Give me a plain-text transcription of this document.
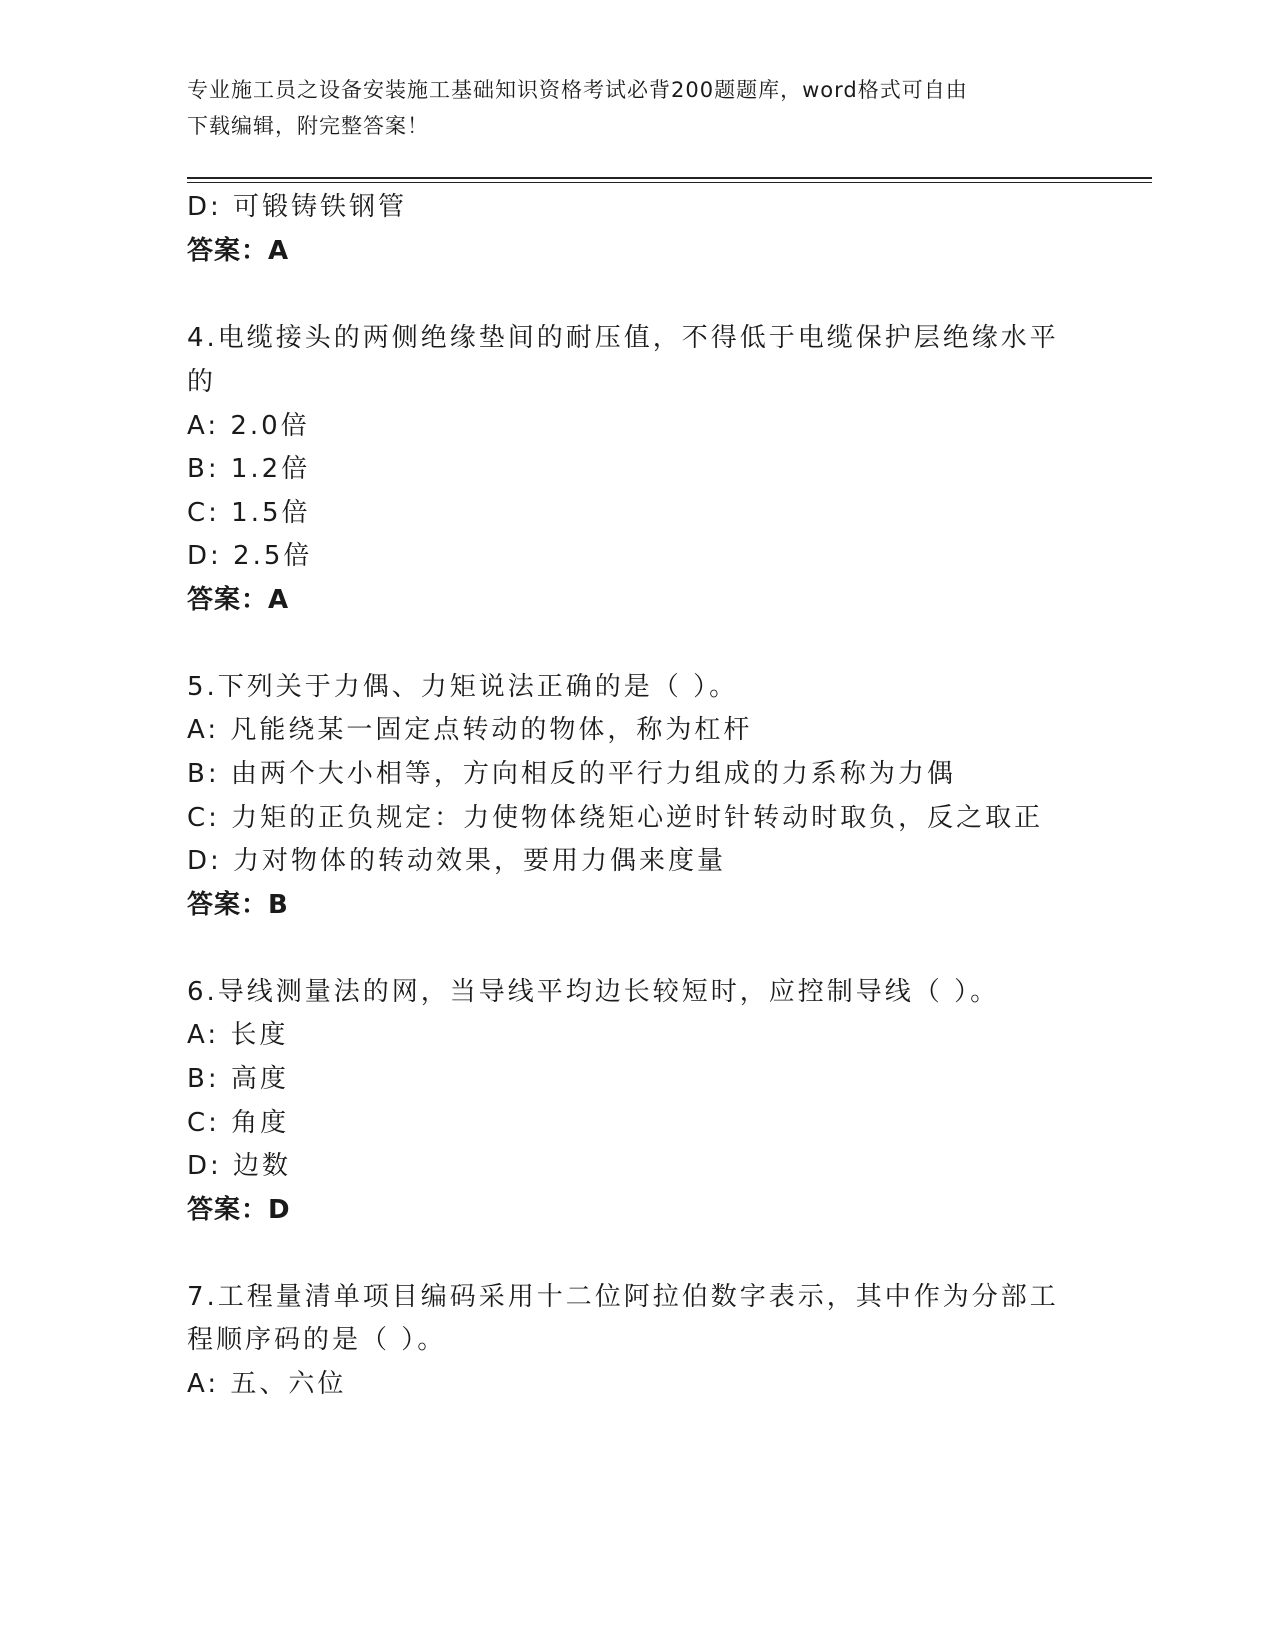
专业施工员之设备安装施工基础知识资格考试必背200题题库，word格式可自由
下载编辑，附完整答案！
D: 可锻铸铁钢管
答案：A
4.电缆接头的两侧绝缘垫间的耐压值，不得低于电缆保护层绝缘水平
的
A: 2.0倍
B: 1.2倍
C: 1.5倍
D: 2.5倍
答案：A
5.下列关于力偶、力矩说法正确的是（ ）。
A: 凡能绕某一固定点转动的物体，称为杠杆
B: 由两个大小相等，方向相反的平行力组成的力系称为力偶
C: 力矩的正负规定：力使物体绕矩心逆时针转动时取负，反之取正
D: 力对物体的转动效果，要用力偶来度量
答案：B
6.导线测量法的网，当导线平均边长较短时，应控制导线（ ）。
A: 长度
B: 高度
C: 角度
D: 边数
答案：D
7.工程量清单项目编码采用十二位阿拉伯数字表示，其中作为分部工
程顺序码的是（ ）。
A: 五、六位
